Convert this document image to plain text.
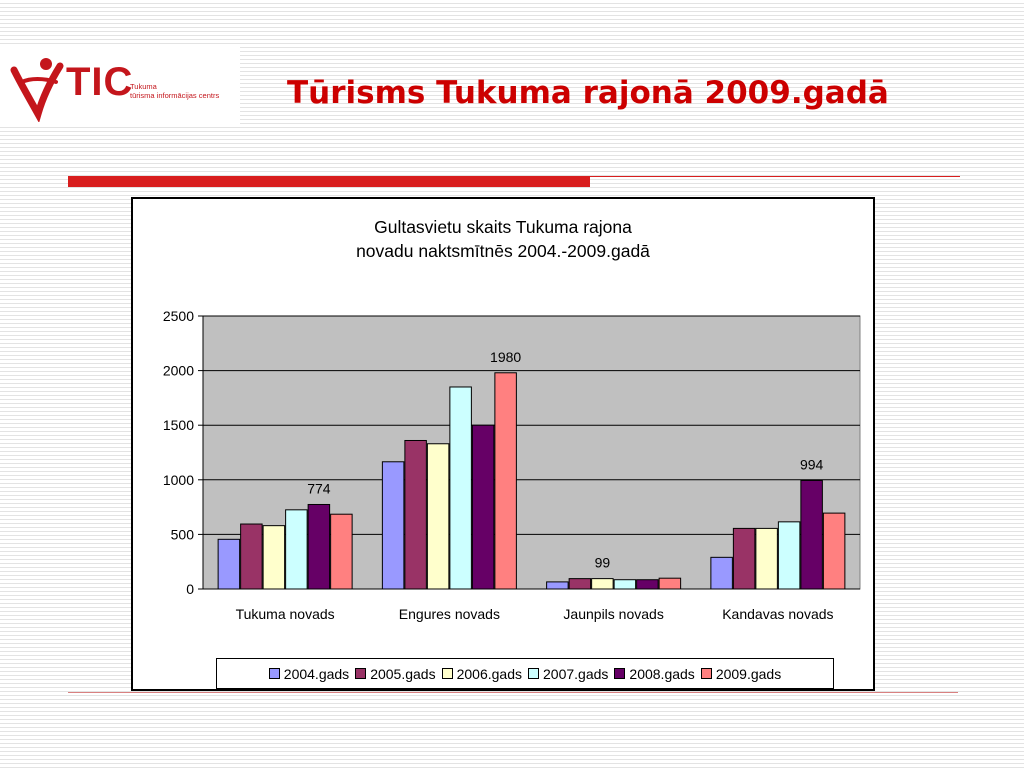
TIC
Tukuma
tūrisma informācijas centrs	Tūrisms Tukuma rajonā 2009.gadā
Gultasvietu skaits Tukuma rajona
novadu naktsmītnēs 2004.-2009.gadā
0
500
1000
1500
2000
2500
Tukuma novads	Engures novads	Jaunpils novads	Kandavas novads
774
1980
99
994
2004.gads 2005.gads 2006.gads 2007.gads 2008.gads 2009.gads
